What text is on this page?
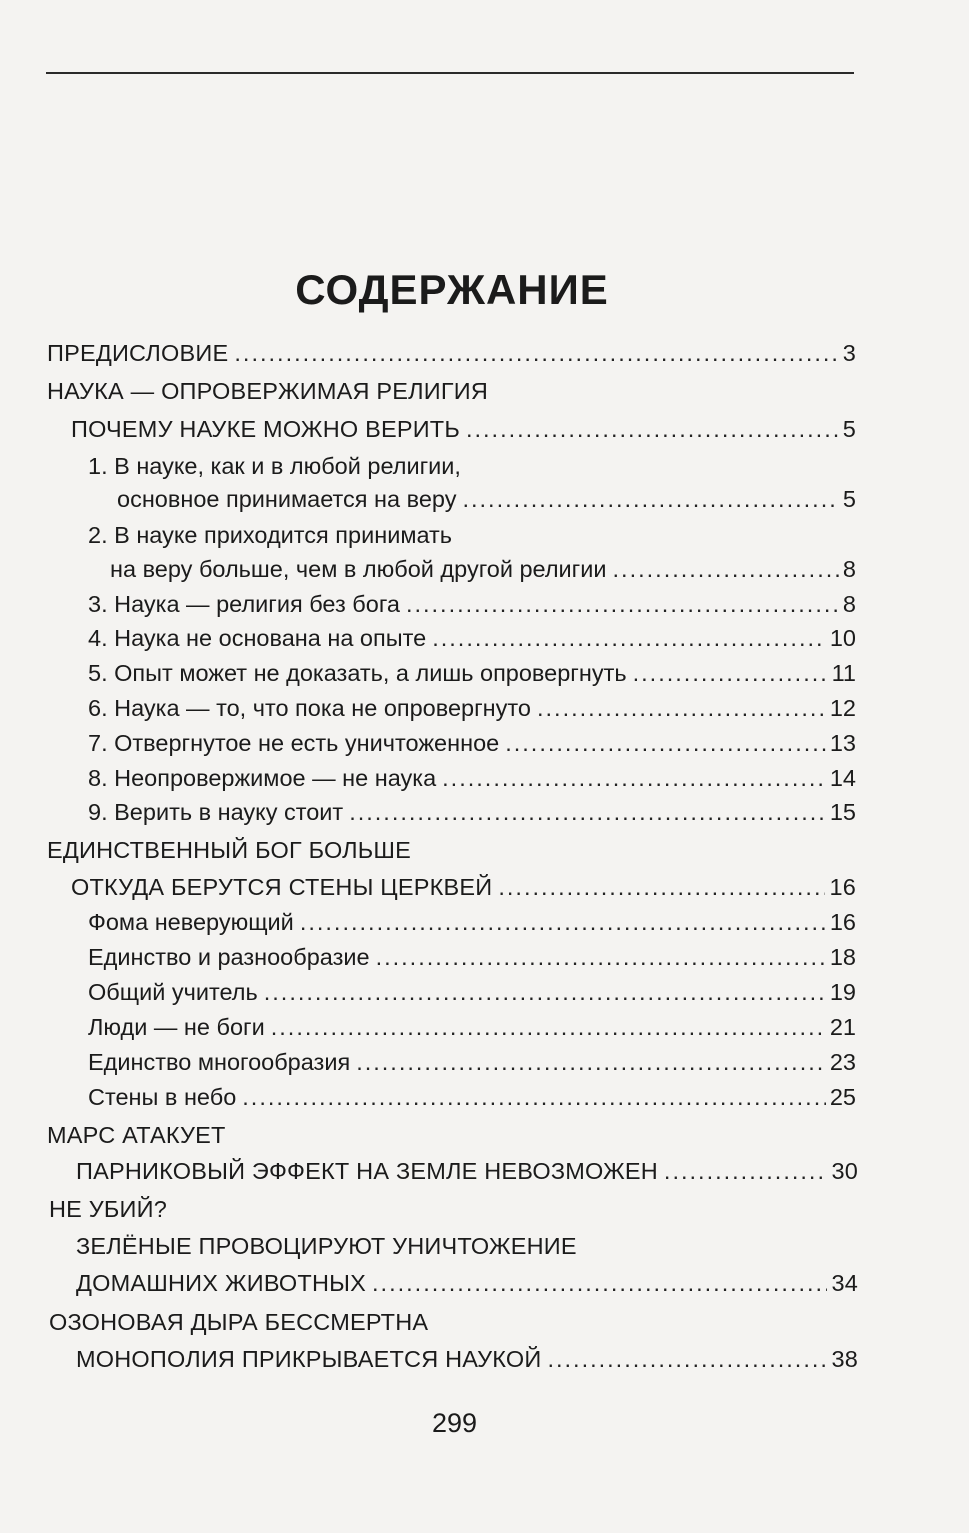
СОДЕРЖАНИЕ
ПРЕДИСЛОВИЕ .....	3
НАУКА — ОПРОВЕРЖИМАЯ РЕЛИГИЯ
ПОЧЕМУ НАУКЕ МОЖНО ВЕРИТЬ .....	5
1. В науке, как и в любой религии,
основное принимается на веру .....	5
2. В науке приходится принимать
на веру больше, чем в любой другой религии .....	8
3. Наука — религия без бога .....	8
4. Наука не основана на опыте .....	10
5. Опыт может не доказать, а лишь опровергнуть .....	11
6. Наука — то, что пока не опровергнуто .....	12
7. Отвергнутое не есть уничтоженное .....	13
8. Неопровержимое — не наука .....	14
9. Верить в науку стоит .....	15
ЕДИНСТВЕННЫЙ БОГ БОЛЬШЕ
ОТКУДА БЕРУТСЯ СТЕНЫ ЦЕРКВЕЙ .....	16
Фома неверующий .....	16
Единство и разнообразие .....	18
Общий учитель .....	19
Люди — не боги .....	21
Единство многообразия .....	23
Стены в небо .....	25
МАРС АТАКУЕТ
ПАРНИКОВЫЙ ЭФФЕКТ НА ЗЕМЛЕ НЕВОЗМОЖЕН .....	30
НЕ УБИЙ?
ЗЕЛЁНЫЕ ПРОВОЦИРУЮТ УНИЧТОЖЕНИЕ
ДОМАШНИХ ЖИВОТНЫХ .....	34
ОЗОНОВАЯ ДЫРА БЕССМЕРТНА
МОНОПОЛИЯ ПРИКРЫВАЕТСЯ НАУКОЙ .....	38
299
